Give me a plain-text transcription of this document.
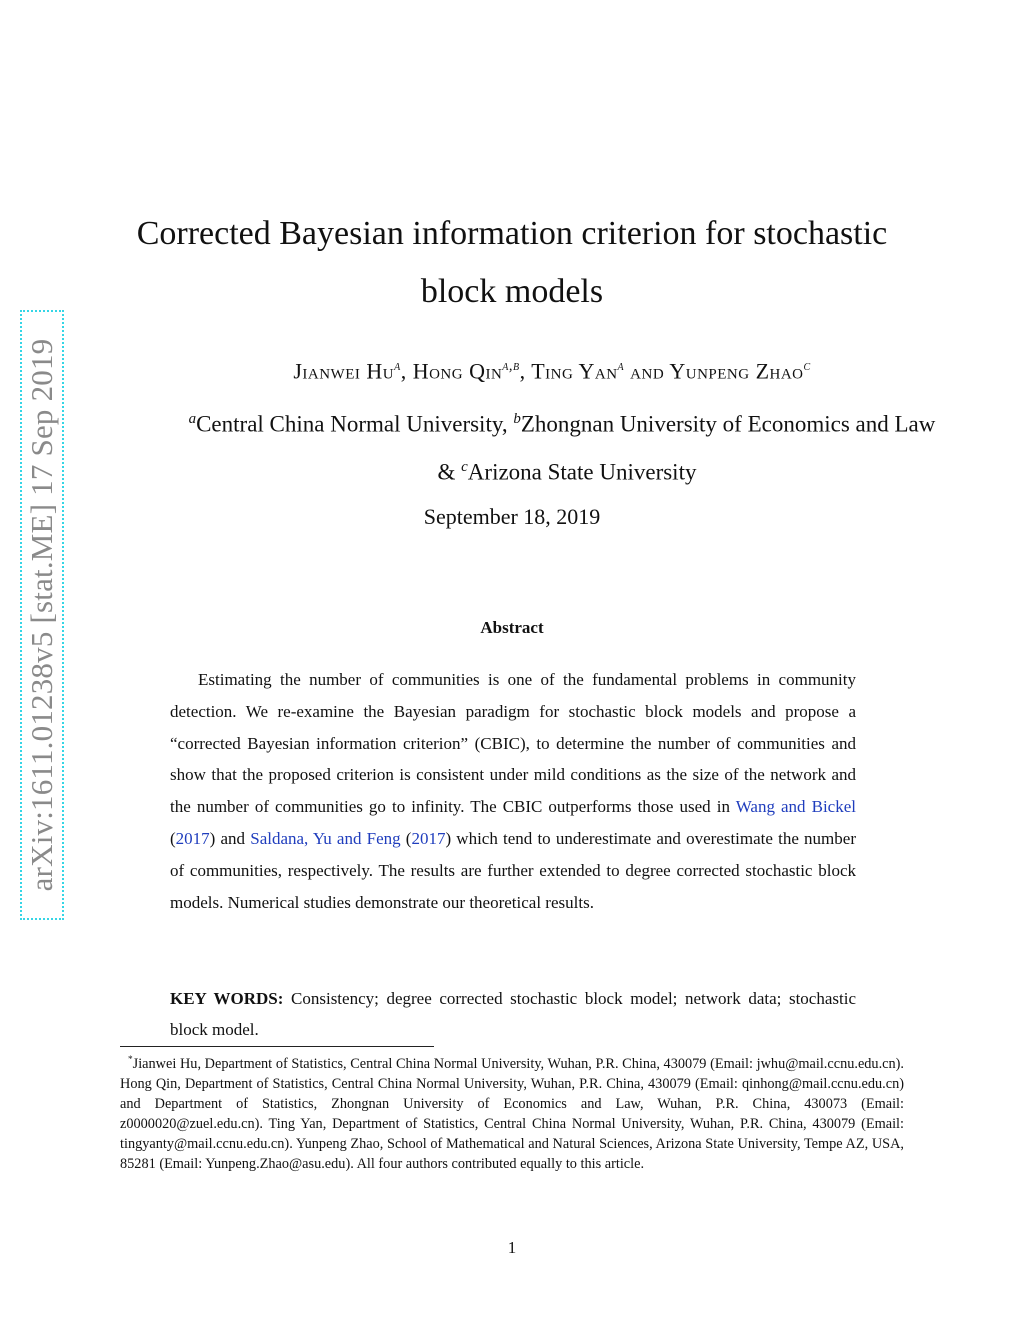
arXiv:1611.01238v5 [stat.ME] 17 Sep 2019
Corrected Bayesian information criterion for stochastic
block models
Jianwei Hu$^a$, Hong Qin$^{a,b}$, Ting Yan$^a$ and Yunpeng Zhao$^c$
$^a$Central China Normal University, $^b$Zhongnan University of Economics and Law
& $^c$Arizona State University
September 18, 2019
Abstract
Estimating the number of communities is one of the fundamental problems in community detection. We re-examine the Bayesian paradigm for stochastic block models and propose a “corrected Bayesian information criterion” (CBIC), to determine the number of communities and show that the proposed criterion is consistent under mild conditions as the size of the network and the number of communities go to infinity. The CBIC outperforms those used in Wang and Bickel (2017) and Saldana, Yu and Feng (2017) which tend to underestimate and overestimate the number of communities, respectively. The results are further extended to degree corrected stochastic block models. Numerical studies demonstrate our theoretical results.
KEY WORDS: Consistency; degree corrected stochastic block model; network data; stochastic block model.
*Jianwei Hu, Department of Statistics, Central China Normal University, Wuhan, P.R. China, 430079 (Email: jwhu@mail.ccnu.edu.cn). Hong Qin, Department of Statistics, Central China Normal University, Wuhan, P.R. China, 430079 (Email: qinhong@mail.ccnu.edu.cn) and Department of Statistics, Zhongnan University of Economics and Law, Wuhan, P.R. China, 430073 (Email: z0000020@zuel.edu.cn). Ting Yan, Department of Statistics, Central China Normal University, Wuhan, P.R. China, 430079 (Email: tingyanty@mail.ccnu.edu.cn). Yunpeng Zhao, School of Mathematical and Natural Sciences, Arizona State University, Tempe AZ, USA, 85281 (Email: Yunpeng.Zhao@asu.edu). All four authors contributed equally to this article.
1
